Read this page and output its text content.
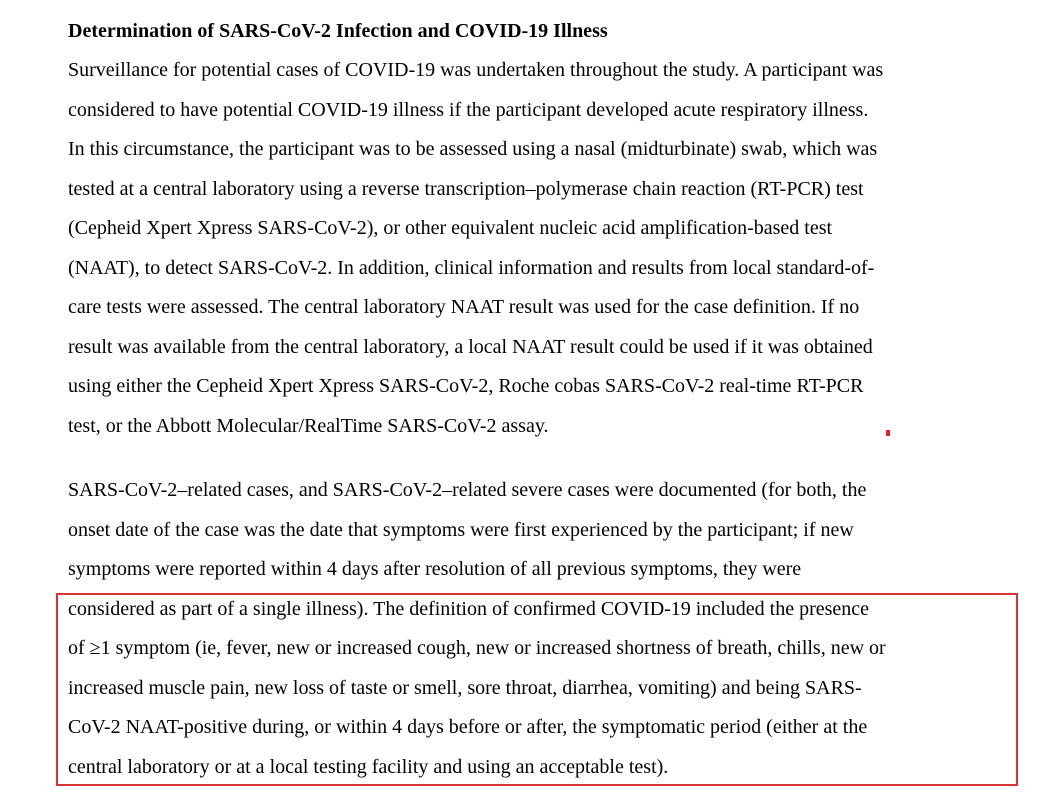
Determination of SARS-CoV-2 Infection and COVID-19 Illness

Surveillance for potential cases of COVID-19 was undertaken throughout the study. A participant was
considered to have potential COVID-19 illness if the participant developed acute respiratory illness.
In this circumstance, the participant was to be assessed using a nasal (midturbinate) swab, which was
tested at a central laboratory using a reverse transcription–polymerase chain reaction (RT-PCR) test
(Cepheid Xpert Xpress SARS-CoV-2), or other equivalent nucleic acid amplification-based test
(NAAT), to detect SARS-CoV-2. In addition, clinical information and results from local standard-of-
care tests were assessed. The central laboratory NAAT result was used for the case definition. If no
result was available from the central laboratory, a local NAAT result could be used if it was obtained
using either the Cepheid Xpert Xpress SARS-CoV-2, Roche cobas SARS-CoV-2 real-time RT-PCR
test, or the Abbott Molecular/RealTime SARS-CoV-2 assay.

SARS-CoV-2–related cases, and SARS-CoV-2–related severe cases were documented (for both, the
onset date of the case was the date that symptoms were first experienced by the participant; if new
symptoms were reported within 4 days after resolution of all previous symptoms, they were
considered as part of a single illness). The definition of confirmed COVID-19 included the presence
of ≥1 symptom (ie, fever, new or increased cough, new or increased shortness of breath, chills, new or
increased muscle pain, new loss of taste or smell, sore throat, diarrhea, vomiting) and being SARS-
CoV-2 NAAT-positive during, or within 4 days before or after, the symptomatic period (either at the
central laboratory or at a local testing facility and using an acceptable test).
